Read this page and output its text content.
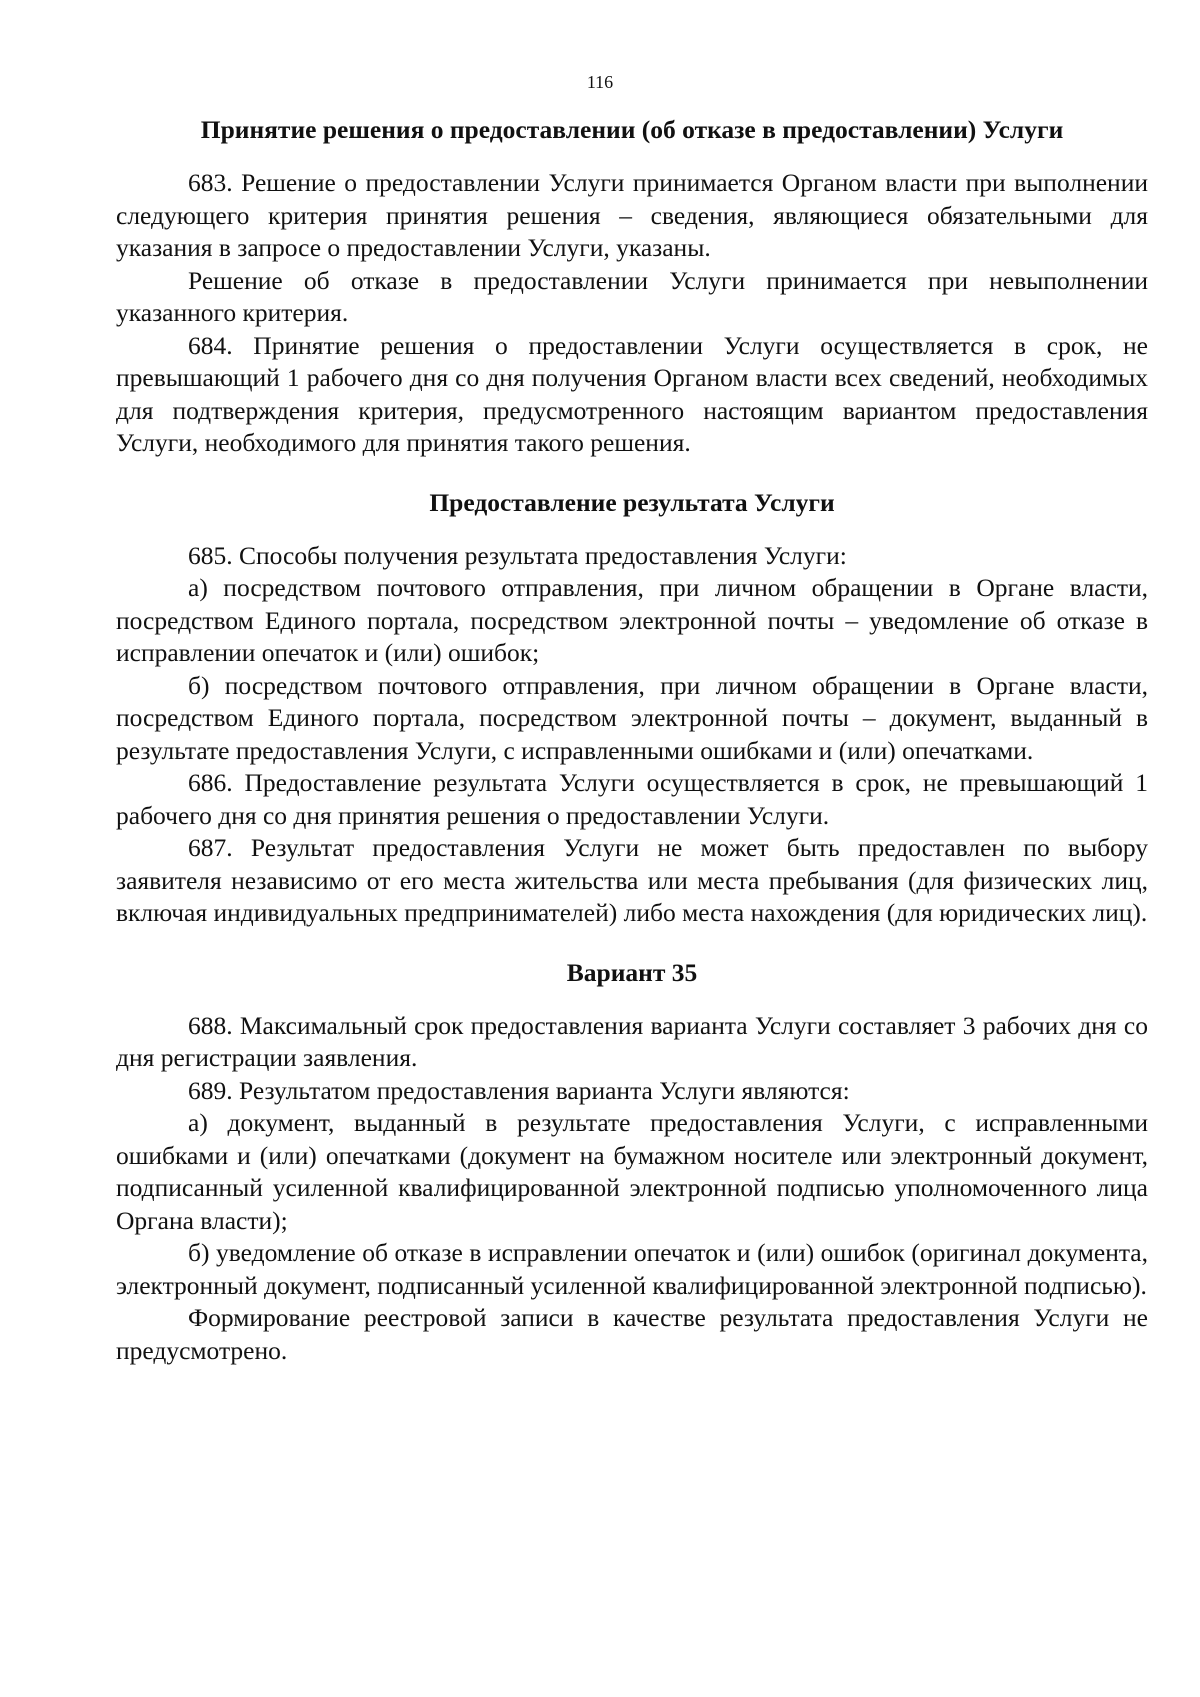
116
Принятие решения о предоставлении (об отказе в предоставлении) Услуги

683. Решение о предоставлении Услуги принимается Органом власти при выполнении следующего критерия принятия решения – сведения, являющиеся обязательными для указания в запросе о предоставлении Услуги, указаны.

Решение об отказе в предоставлении Услуги принимается при невыполнении указанного критерия.

684. Принятие решения о предоставлении Услуги осуществляется в срок, не превышающий 1 рабочего дня со дня получения Органом власти всех сведений, необходимых для подтверждения критерия, предусмотренного настоящим вариантом предоставления Услуги, необходимого для принятия такого решения.

Предоставление результата Услуги

685. Способы получения результата предоставления Услуги:

а) посредством почтового отправления, при личном обращении в Органе власти, посредством Единого портала, посредством электронной почты – уведомление об отказе в исправлении опечаток и (или) ошибок;

б) посредством почтового отправления, при личном обращении в Органе власти, посредством Единого портала, посредством электронной почты – документ, выданный в результате предоставления Услуги, с исправленными ошибками и (или) опечатками.

686. Предоставление результата Услуги осуществляется в срок, не превышающий 1 рабочего дня со дня принятия решения о предоставлении Услуги.

687. Результат предоставления Услуги не может быть предоставлен по выбору заявителя независимо от его места жительства или места пребывания (для физических лиц, включая индивидуальных предпринимателей) либо места нахождения (для юридических лиц).

Вариант 35

688. Максимальный срок предоставления варианта Услуги составляет 3 рабочих дня со дня регистрации заявления.

689. Результатом предоставления варианта Услуги являются:

а) документ, выданный в результате предоставления Услуги, с исправленными ошибками и (или) опечатками (документ на бумажном носителе или электронный документ, подписанный усиленной квалифицированной электронной подписью уполномоченного лица Органа власти);

б) уведомление об отказе в исправлении опечаток и (или) ошибок (оригинал документа, электронный документ, подписанный усиленной квалифицированной электронной подписью).

Формирование реестровой записи в качестве результата предоставления Услуги не предусмотрено.
